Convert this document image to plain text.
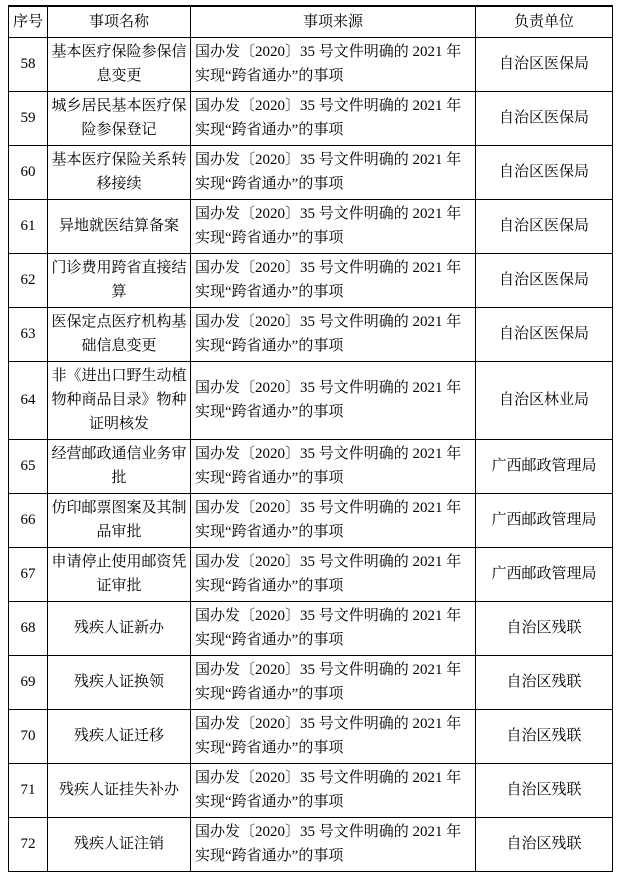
序号	事项名称	事项来源	负责单位
58	基本医疗保险参保信息变更	国办发〔2020〕35 号文件明确的 2021 年实现“跨省通办”的事项	自治区医保局
59	城乡居民基本医疗保险参保登记	国办发〔2020〕35 号文件明确的 2021 年实现“跨省通办”的事项	自治区医保局
60	基本医疗保险关系转移接续	国办发〔2020〕35 号文件明确的 2021 年实现“跨省通办”的事项	自治区医保局
61	异地就医结算备案	国办发〔2020〕35 号文件明确的 2021 年实现“跨省通办”的事项	自治区医保局
62	门诊费用跨省直接结算	国办发〔2020〕35 号文件明确的 2021 年实现“跨省通办”的事项	自治区医保局
63	医保定点医疗机构基础信息变更	国办发〔2020〕35 号文件明确的 2021 年实现“跨省通办”的事项	自治区医保局
64	非《进出口野生动植物种商品目录》物种证明核发	国办发〔2020〕35 号文件明确的 2021 年实现“跨省通办”的事项	自治区林业局
65	经营邮政通信业务审批	国办发〔2020〕35 号文件明确的 2021 年实现“跨省通办”的事项	广西邮政管理局
66	仿印邮票图案及其制品审批	国办发〔2020〕35 号文件明确的 2021 年实现“跨省通办”的事项	广西邮政管理局
67	申请停止使用邮资凭证审批	国办发〔2020〕35 号文件明确的 2021 年实现“跨省通办”的事项	广西邮政管理局
68	残疾人证新办	国办发〔2020〕35 号文件明确的 2021 年实现“跨省通办”的事项	自治区残联
69	残疾人证换领	国办发〔2020〕35 号文件明确的 2021 年实现“跨省通办”的事项	自治区残联
70	残疾人证迁移	国办发〔2020〕35 号文件明确的 2021 年实现“跨省通办”的事项	自治区残联
71	残疾人证挂失补办	国办发〔2020〕35 号文件明确的 2021 年实现“跨省通办”的事项	自治区残联
72	残疾人证注销	国办发〔2020〕35 号文件明确的 2021 年实现“跨省通办”的事项	自治区残联
